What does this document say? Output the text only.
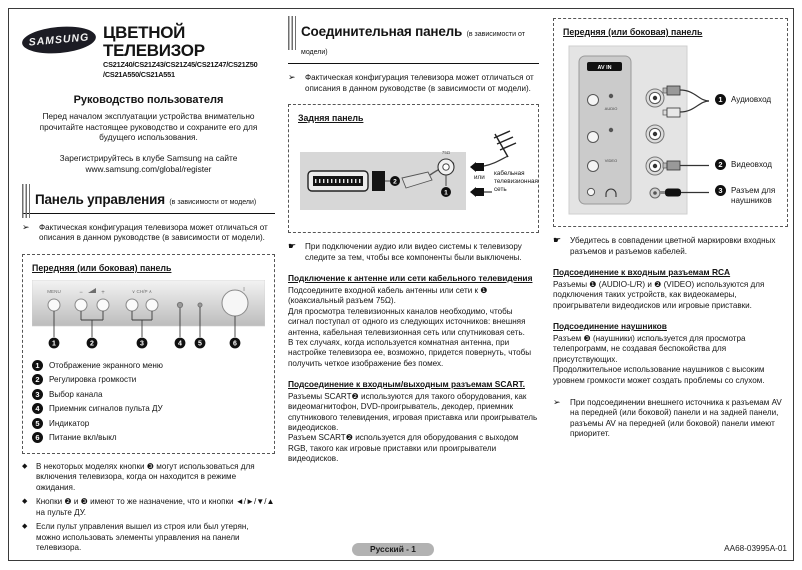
SAMSUNG ЦВЕТНОЙ ТЕЛЕВИЗОР
CS21Z40/CS21Z43/CS21Z45/CS21Z47/CS21Z50
/CS21A550/CS21A551
Руководство пользователя
Перед началом эксплуатации устройства внимательно прочитайте настоящее руководство и сохраните его для будущего использования.
Зарегистрируйтесь в клубе Samsung на сайте
www.samsung.com/global/register
Панель управления (в зависимости от модели)
➢	Фактическая конфигурация телевизора может отличаться от описания в данном руководстве (в зависимости от модели).
Передняя (или боковая) панель
MENU	−	+	∨ CH/P ∧	I
1	2	3	4 5	6
1	Отображение экранного меню
2	Регулировка громкости
3	Выбор канала
4	Приемник сигналов пульта ДУ
5	Индикатор
6	Питание вкл/выкл
◆	В некоторых моделях кнопки ❸ могут использоваться для включения телевизора, когда он находится в режиме ожидания.
◆	Кнопки ❷ и ❸ имеют то же назначение, что и кнопки ◄/►/▼/▲ на пульте ДУ.
◆	Если пульт управления вышел из строя или был утерян, можно использовать элементы управления на панели телевизора.
Соединительная панель (в зависимости от модели)
➢	Фактическая конфигурация телевизора может отличаться от описания в данном руководстве (в зависимости от модели).
Задняя панель
2
75Ω
1
или
кабельная телевизионная сеть
☛	При подключении аудио или видео системы к телевизору следите за тем, чтобы все компоненты были выключены.
Подключение к антенне или сети кабельного телевидения
Подсоедините входной кабель антенны или сети к ❶ (коаксиальный разъем 75Ω).
Для просмотра телевизионных каналов необходимо, чтобы сигнал поступал от одного из следующих источников: внешняя антенна, кабельная телевизионная сеть или спутниковая сеть.
В тех случаях, когда используется комнатная антенна, при настройке телевизора ее, возможно, придется повернуть, чтобы получить четкое изображение без помех.
Подсоединение к входным/выходным разъемам SCART.
Разъемы SCART❷ используются для такого оборудования, как видеомагнитофон, DVD-проигрыватель, декодер, приемник спутникового телевидения, игровая приставка или проигрыватель видеодисков.
Разъем SCART❷ используется для оборудования с выходом RGB, такого как игровые приставки или проигрыватели видеодисков.
Передняя (или боковая) панель
AV IN
AUDIO
VIDEO
1	Аудиовход
2	Видеовход
3	Разъем для наушников
☛	Убедитесь в совпадении цветной маркировки входных разъемов и разъемов кабелей.
Подсоединение к входным разъемам RCA
Разъемы ❶ (AUDIO-L/R) и ❷ (VIDEO) используются для подключения таких устройств, как видеокамеры, проигрыватели видеодисков или игровые приставки.
Подсоединение наушников
Разъем ❸ (наушники) используется для просмотра телепрограмм, не создавая беспокойства для присутствующих.
Продолжительное использование наушников с высоким уровнем громкости может создать проблемы со слухом.
➢	При подсоединении внешнего источника к разъемам AV на передней (или боковой) панели и на задней панели, разъемы AV на передней (или боковой) панели имеют приоритет.
Русский - 1	AA68-03995A-01
